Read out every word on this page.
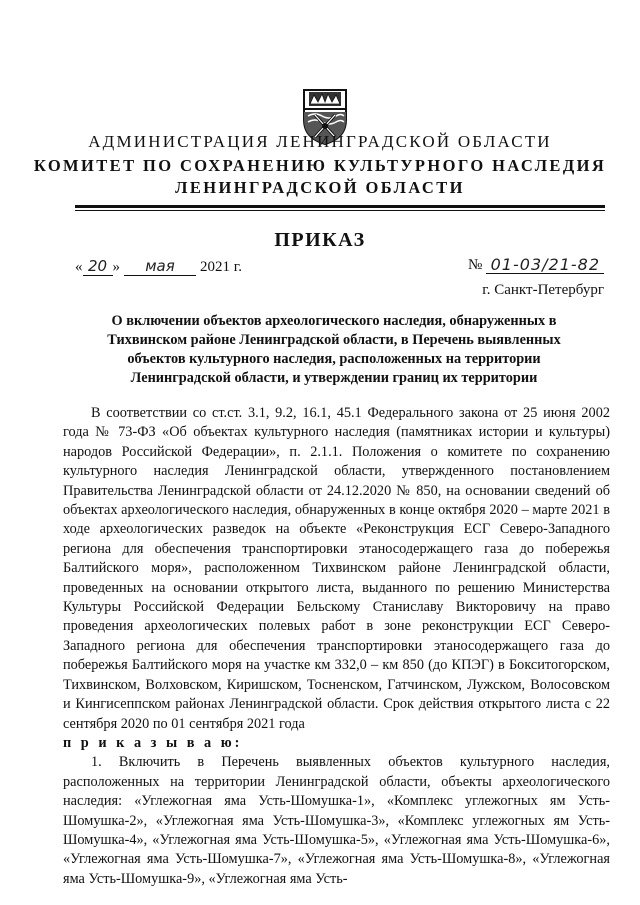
АДМИНИСТРАЦИЯ ЛЕНИНГРАДСКОЙ ОБЛАСТИ
КОМИТЕТ ПО СОХРАНЕНИЮ КУЛЬТУРНОГО НАСЛЕДИЯ
ЛЕНИНГРАДСКОЙ ОБЛАСТИ
ПРИКАЗ
« 20 »	мая	2021 г.	№ 01-03/21-82
г. Санкт-Петербург
О включении объектов археологического наследия, обнаруженных в
Тихвинском районе Ленинградской области, в Перечень выявленных
объектов культурного наследия, расположенных на территории
Ленинградской области, и утверждении границ их территории

В соответствии со ст.ст. 3.1, 9.2, 16.1, 45.1 Федерального закона от 25 июня 2002 года № 73-ФЗ «Об объектах культурного наследия (памятниках истории и культуры) народов Российской Федерации», п. 2.1.1. Положения о комитете по сохранению культурного наследия Ленинградской области, утвержденного постановлением Правительства Ленинградской области от 24.12.2020 № 850, на основании сведений об объектах археологического наследия, обнаруженных в конце октября 2020 – марте 2021 в ходе археологических разведок на объекте «Реконструкция ЕСГ Северо-Западного региона для обеспечения транспортировки этаносодержащего газа до побережья Балтийского моря», расположенном Тихвинском районе Ленинградской области, проведенных на основании открытого листа, выданного по решению Министерства Культуры Российской Федерации Бельскому Станиславу Викторовичу на право проведения археологических полевых работ в зоне реконструкции ЕСГ Северо-Западного региона для обеспечения транспортировки этаносодержащего газа до побережья Балтийского моря на участке км 332,0 – км 850 (до КПЭГ) в Бокситогорском, Тихвинском, Волховском, Киришском, Тосненском, Гатчинском, Лужском, Волосовском и Кингисеппском районах Ленинградской области. Срок действия открытого листа с 22 сентября 2020 по 01 сентября 2021 года

п р и к а з ы в а ю:

1. Включить в Перечень выявленных объектов культурного наследия, расположенных на территории Ленинградской области, объекты археологического наследия: «Углежогная яма Усть-Шомушка-1», «Комплекс углежогных ям Усть-Шомушка-2», «Углежогная яма Усть-Шомушка-3», «Комплекс углежогных ям Усть-Шомушка-4», «Углежогная яма Усть-Шомушка-5», «Углежогная яма Усть-Шомушка-6», «Углежогная яма Усть-Шомушка-7», «Углежогная яма Усть-Шомушка-8», «Углежогная яма Усть-Шомушка-9», «Углежогная яма Усть-
